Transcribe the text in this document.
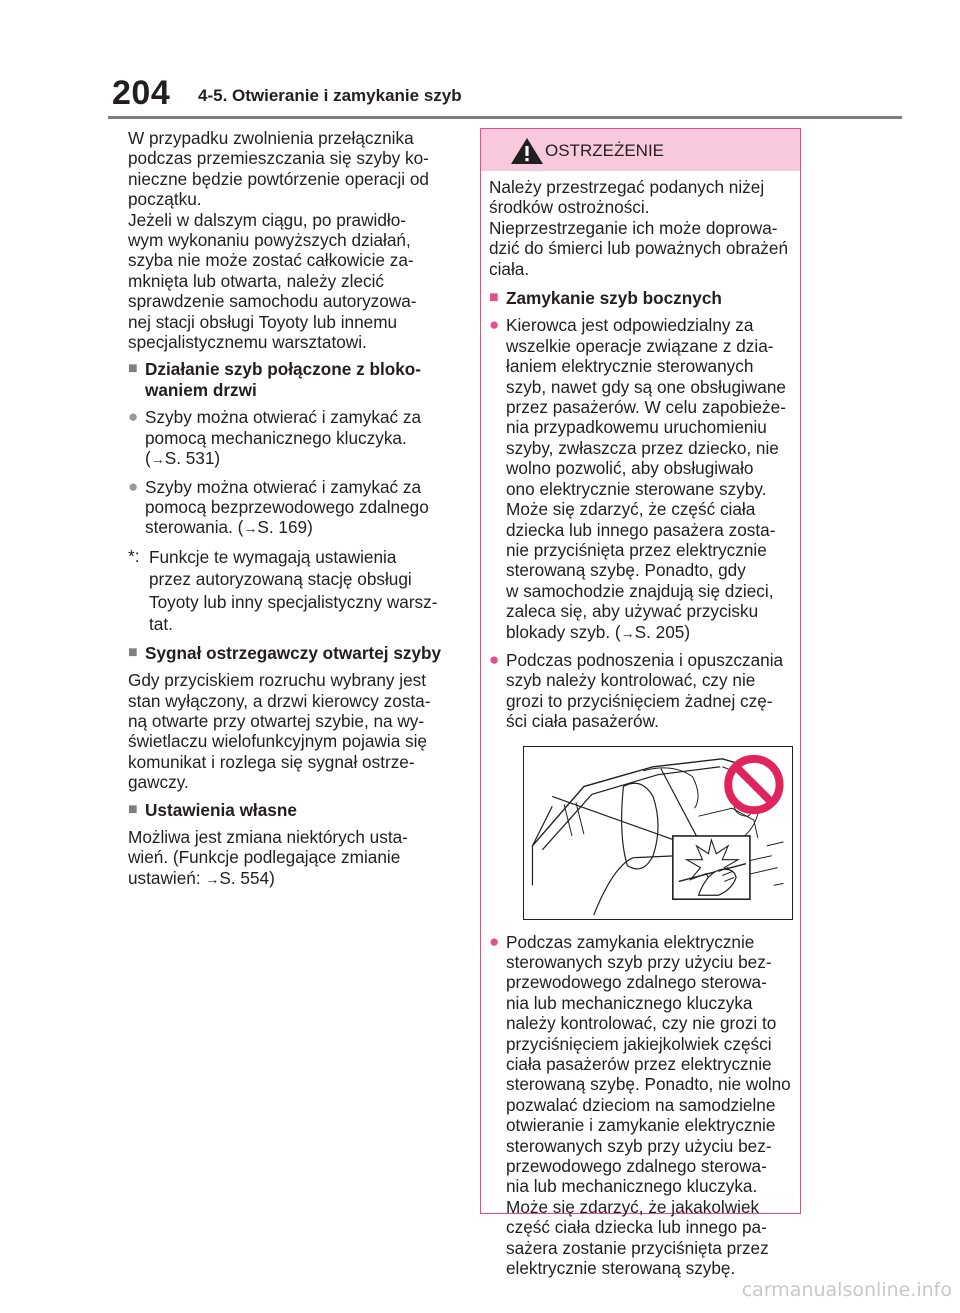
204 4-5. Otwieranie i zamykanie szyb

W przypadku zwolnienia przełącznika
podczas przemieszczania się szyby ko-
nieczne będzie powtórzenie operacji od
początku.
Jeżeli w dalszym ciągu, po prawidło-
wym wykonaniu powyższych działań,
szyba nie może zostać całkowicie za-
mknięta lub otwarta, należy zlecić
sprawdzenie samochodu autoryzowa-
nej stacji obsługi Toyoty lub innemu
specjalistycznemu warsztatowi.

■ Działanie szyb połączone z bloko-
waniem drzwi
● Szyby można otwierać i zamykać za
pomocą mechanicznego kluczyka.
(→S. 531)
● Szyby można otwierać i zamykać za
pomocą bezprzewodowego zdalnego
sterowania. (→S. 169)
*: Funkcje te wymagają ustawienia
przez autoryzowaną stację obsługi
Toyoty lub inny specjalistyczny warsz-
tat.
■ Sygnał ostrzegawczy otwartej szyby

Gdy przyciskiem rozruchu wybrany jest
stan wyłączony, a drzwi kierowcy zosta-
ną otwarte przy otwartej szybie, na wy-
świetlaczu wielofunkcyjnym pojawia się
komunikat i rozlega się sygnał ostrze-
gawczy.

■ Ustawienia własne

Możliwa jest zmiana niektórych usta-
wień. (Funkcje podlegające zmianie
ustawień: →S. 554)

OSTRZEŻENIE

Należy przestrzegać podanych niżej
środków ostrożności.
Nieprzestrzeganie ich może doprowa-
dzić do śmierci lub poważnych obrażeń
ciała.

■ Zamykanie szyb bocznych
● Kierowca jest odpowiedzialny za
wszelkie operacje związane z dzia-
łaniem elektrycznie sterowanych
szyb, nawet gdy są one obsługiwane
przez pasażerów. W celu zapobieże-
nia przypadkowemu uruchomieniu
szyby, zwłaszcza przez dziecko, nie
wolno pozwolić, aby obsługiwało
ono elektrycznie sterowane szyby.
Może się zdarzyć, że część ciała
dziecka lub innego pasażera zosta-
nie przyciśnięta przez elektrycznie
sterowaną szybę. Ponadto, gdy
w samochodzie znajdują się dzieci,
zaleca się, aby używać przycisku
blokady szyb. (→S. 205)
● Podczas podnoszenia i opuszczania
szyb należy kontrolować, czy nie
grozi to przyciśnięciem żadnej czę-
ści ciała pasażerów.
● Podczas zamykania elektrycznie
sterowanych szyb przy użyciu bez-
przewodowego zdalnego sterowa-
nia lub mechanicznego kluczyka
należy kontrolować, czy nie grozi to
przyciśnięciem jakiejkolwiek części
ciała pasażerów przez elektrycznie
sterowaną szybę. Ponadto, nie wolno
pozwalać dzieciom na samodzielne
otwieranie i zamykanie elektrycznie
sterowanych szyb przy użyciu bez-
przewodowego zdalnego sterowa-
nia lub mechanicznego kluczyka.
Może się zdarzyć, że jakakolwiek
część ciała dziecka lub innego pa-
sażera zostanie przyciśnięta przez
elektrycznie sterowaną szybę.
carmanualsonline.info
